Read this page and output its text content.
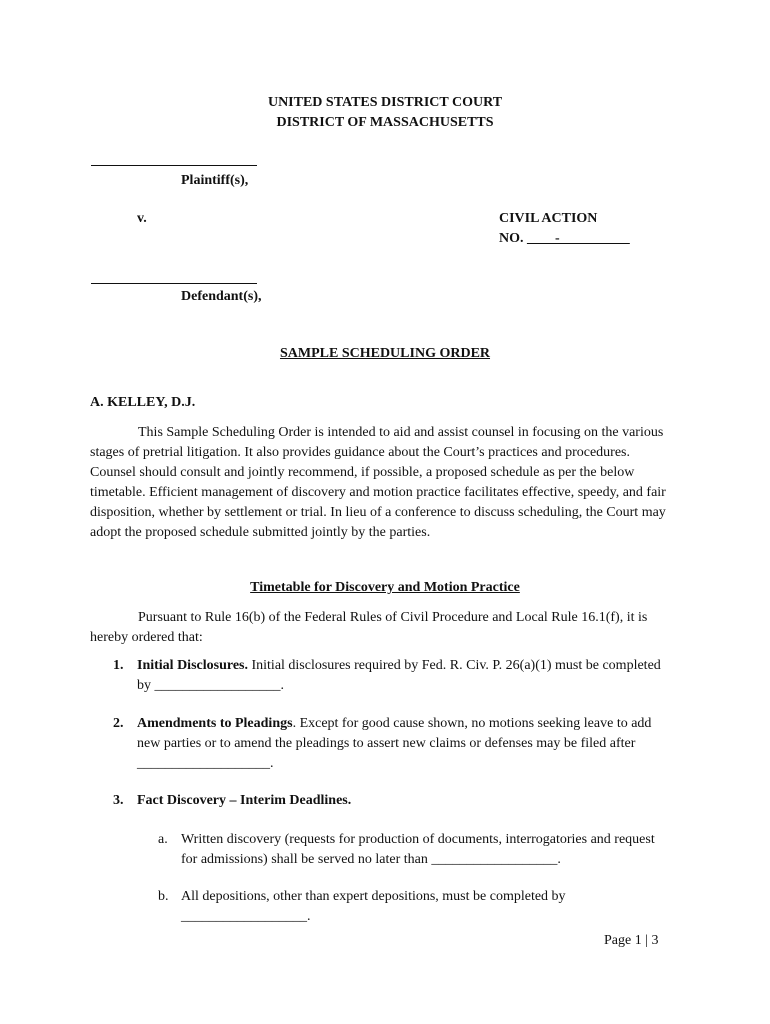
UNITED STATES DISTRICT COURT
DISTRICT OF MASSACHUSETTS
Plaintiff(s),
v.	CIVIL ACTION
NO. ____-__________
Defendant(s),
SAMPLE SCHEDULING ORDER
A. KELLEY, D.J.
This Sample Scheduling Order is intended to aid and assist counsel in focusing on the various stages of pretrial litigation. It also provides guidance about the Court’s practices and procedures. Counsel should consult and jointly recommend, if possible, a proposed schedule as per the below timetable. Efficient management of discovery and motion practice facilitates effective, speedy, and fair disposition, whether by settlement or trial. In lieu of a conference to discuss scheduling, the Court may adopt the proposed schedule submitted jointly by the parties.
Timetable for Discovery and Motion Practice
Pursuant to Rule 16(b) of the Federal Rules of Civil Procedure and Local Rule 16.1(f), it is hereby ordered that:
1. Initial Disclosures. Initial disclosures required by Fed. R. Civ. P. 26(a)(1) must be completed by __________________.
2. Amendments to Pleadings. Except for good cause shown, no motions seeking leave to add new parties or to amend the pleadings to assert new claims or defenses may be filed after ___________________.
3. Fact Discovery – Interim Deadlines.
a. Written discovery (requests for production of documents, interrogatories and request for admissions) shall be served no later than __________________.
b. All depositions, other than expert depositions, must be completed by __________________.
Page 1 | 3
